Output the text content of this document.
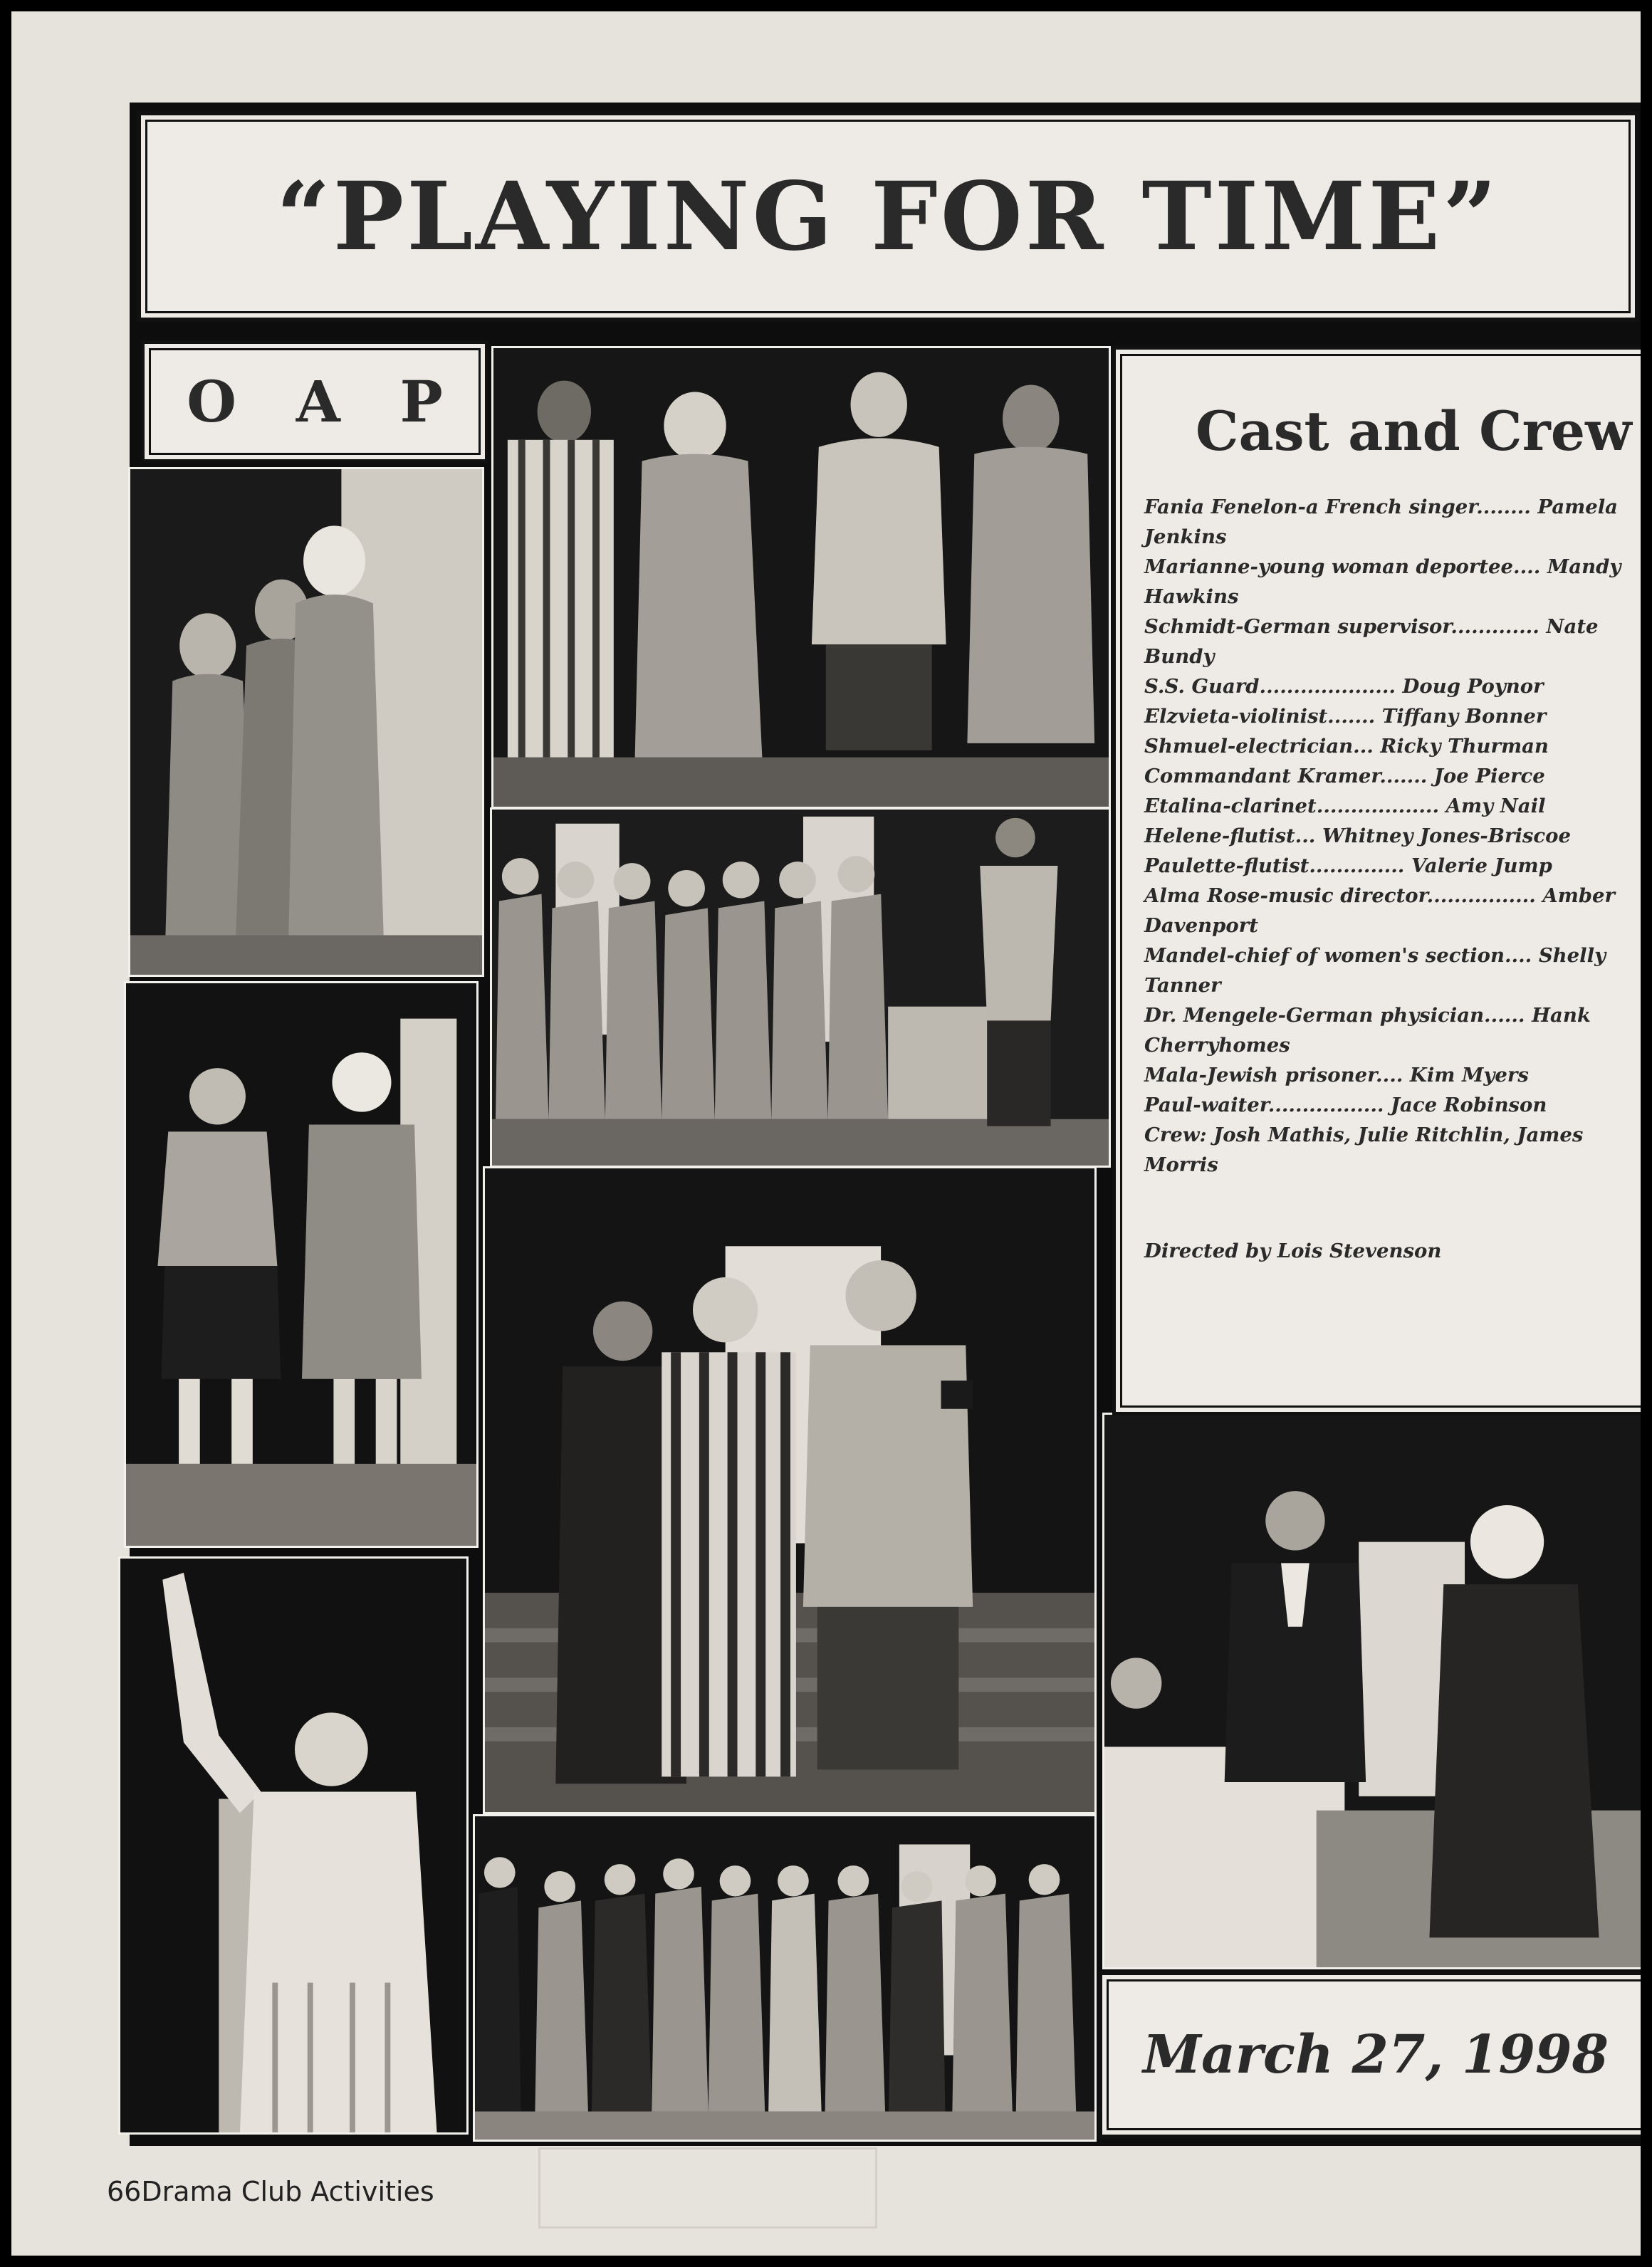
“PLAYING FOR TIME”
O A P	Cast and Crew
Fania Fenelon-a French singer........ Pamela
Jenkins
Marianne-young woman deportee.... Mandy
Hawkins
Schmidt-German supervisor............. Nate
Bundy
S.S. Guard.................... Doug Poynor
Elzvieta-violinist....... Tiffany Bonner
Shmuel-electrician... Ricky Thurman
Commandant Kramer....... Joe Pierce
Etalina-clarinet.................. Amy Nail
Helene-flutist... Whitney Jones-Briscoe
Paulette-flutist.............. Valerie Jump
Alma Rose-music director................ Amber
Davenport
Mandel-chief of women's section.... Shelly
Tanner
Dr. Mengele-German physician...... Hank
Cherryhomes
Mala-Jewish prisoner.... Kim Myers
Paul-waiter................. Jace Robinson
Crew: Josh Mathis, Julie Ritchlin, James
Morris
Directed by Lois Stevenson
March 27, 1998
66Drama Club Activities
